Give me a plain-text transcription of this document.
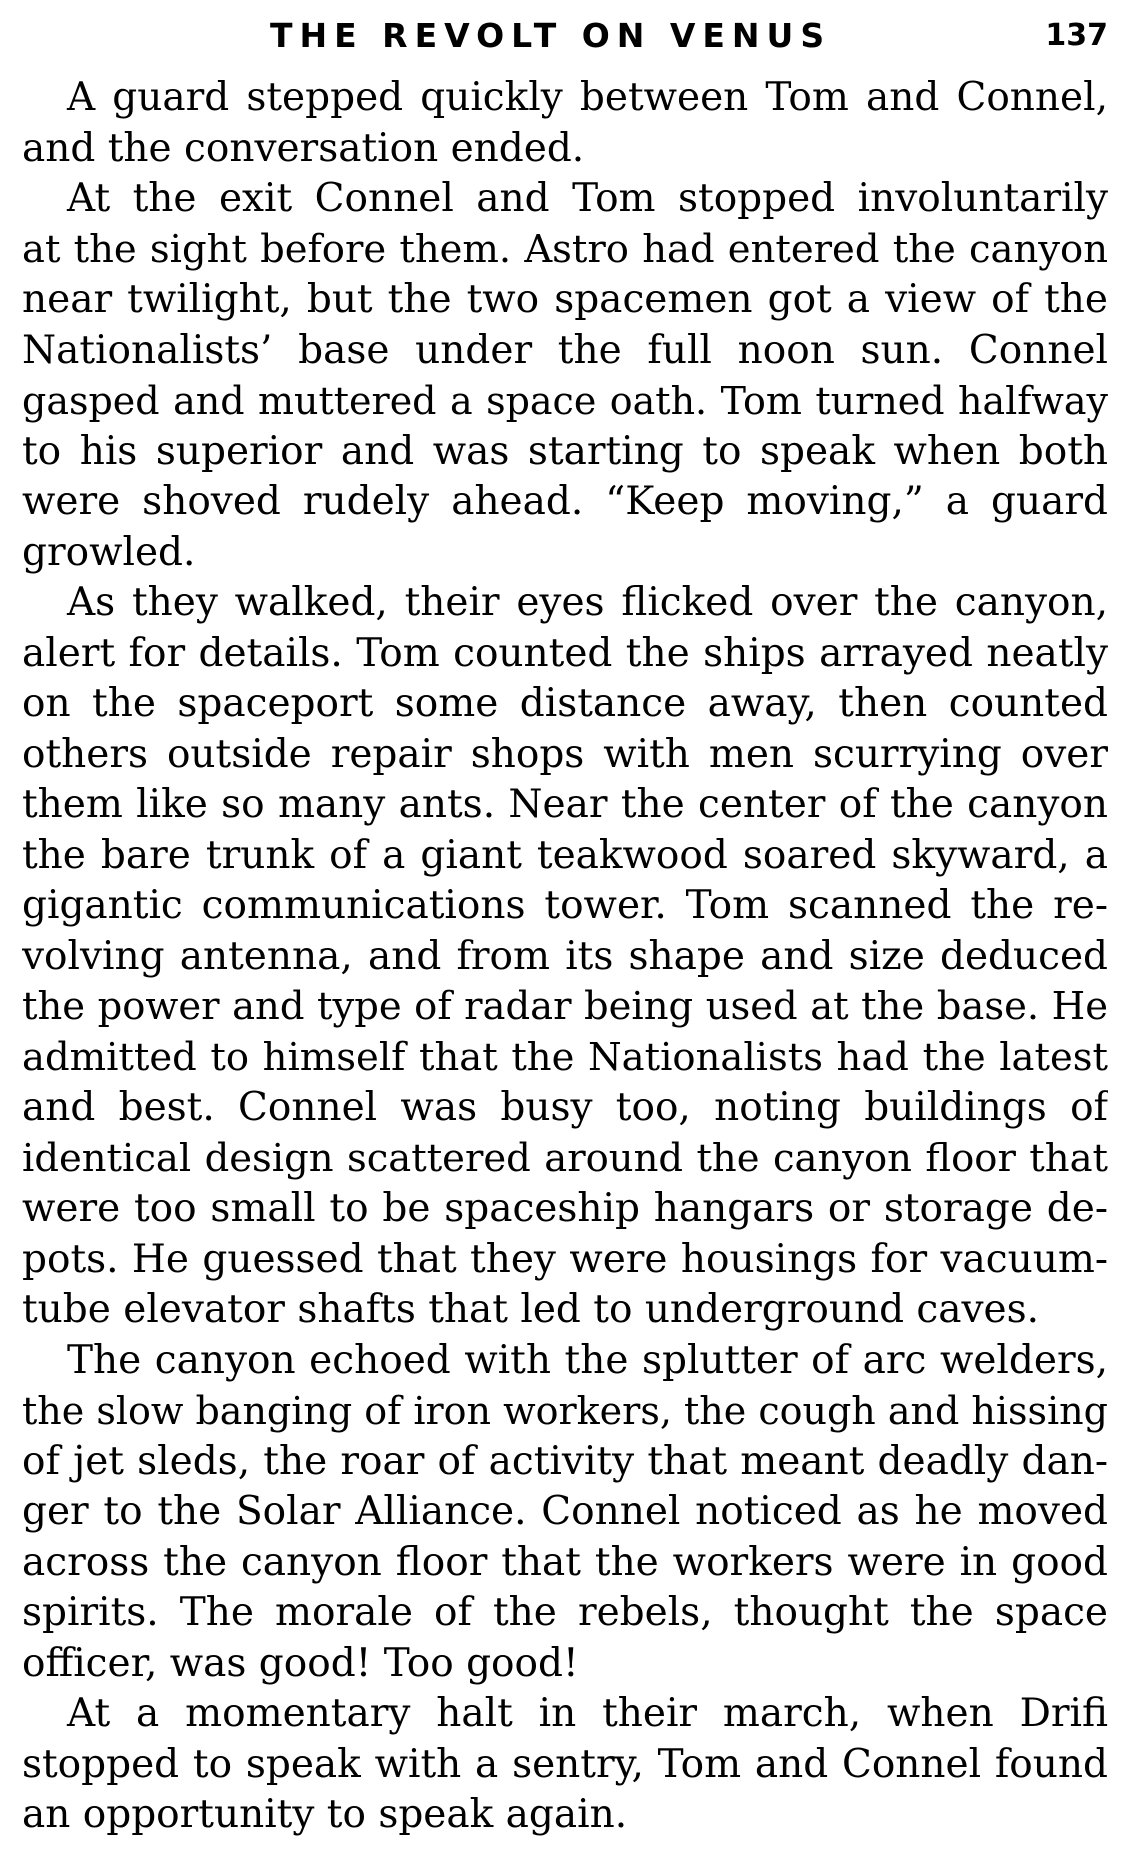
THE REVOLT ON VENUS	137
A guard stepped quickly between Tom and Connel,
and the conversation ended.
At the exit Connel and Tom stopped involuntarily
at the sight before them. Astro had entered the canyon
near twilight, but the two spacemen got a view of the
Nationalists’ base under the full noon sun. Connel
gasped and muttered a space oath. Tom turned halfway
to his superior and was starting to speak when both
were shoved rudely ahead. “Keep moving,” a guard
growled.
As they walked, their eyes flicked over the canyon,
alert for details. Tom counted the ships arrayed neatly
on the spaceport some distance away, then counted
others outside repair shops with men scurrying over
them like so many ants. Near the center of the canyon
the bare trunk of a giant teakwood soared skyward, a
gigantic communications tower. Tom scanned the re-
volving antenna, and from its shape and size deduced
the power and type of radar being used at the base. He
admitted to himself that the Nationalists had the latest
and best. Connel was busy too, noting buildings of
identical design scattered around the canyon floor that
were too small to be spaceship hangars or storage de-
pots. He guessed that they were housings for vacuum-
tube elevator shafts that led to underground caves.
The canyon echoed with the splutter of arc welders,
the slow banging of iron workers, the cough and hissing
of jet sleds, the roar of activity that meant deadly dan-
ger to the Solar Alliance. Connel noticed as he moved
across the canyon floor that the workers were in good
spirits. The morale of the rebels, thought the space
officer, was good! Too good!
At a momentary halt in their march, when Drifi
stopped to speak with a sentry, Tom and Connel found
an opportunity to speak again.
